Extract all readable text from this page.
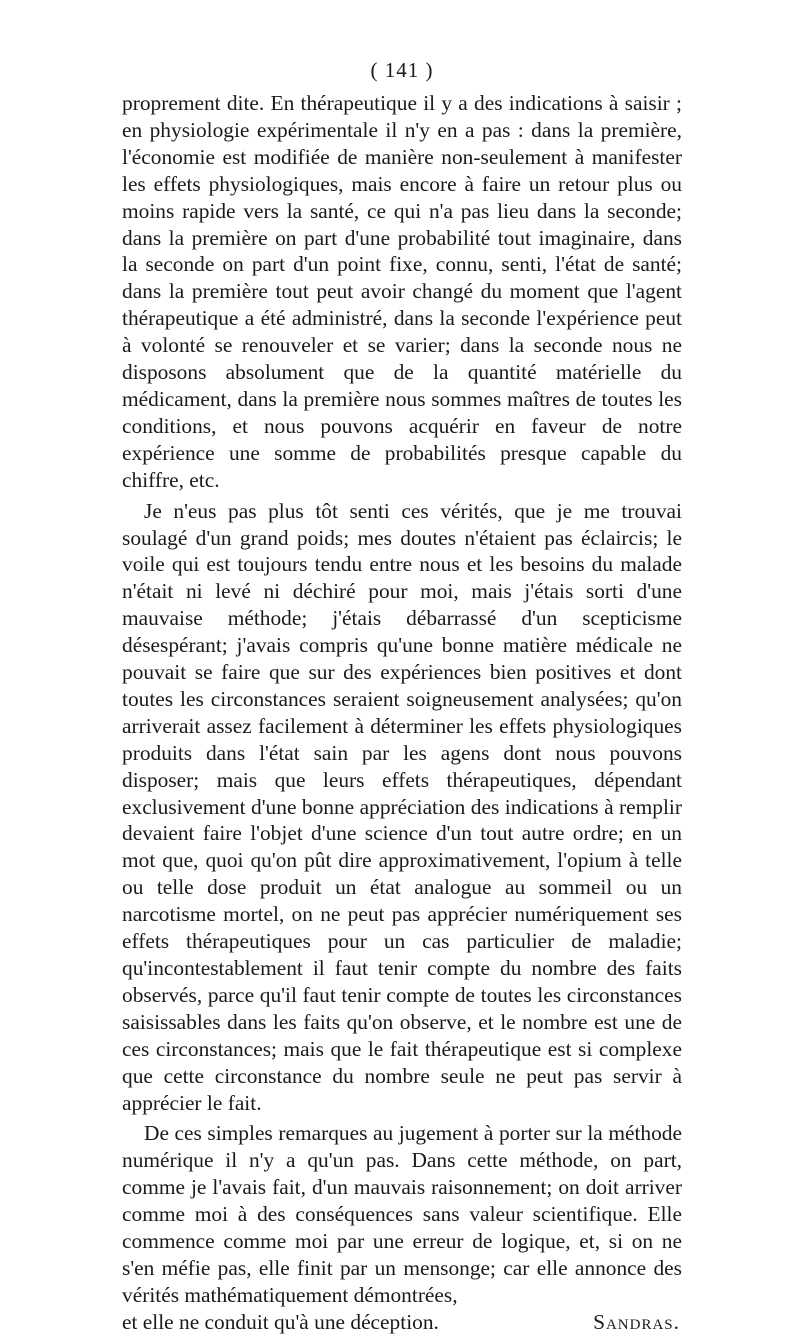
( 141 )

proprement dite. En thérapeutique il y a des indications à saisir ; en physiologie expérimentale il n'y en a pas : dans la première, l'économie est modifiée de manière non-seulement à manifester les effets physiologiques, mais encore à faire un retour plus ou moins rapide vers la santé, ce qui n'a pas lieu dans la seconde; dans la première on part d'une probabilité tout imaginaire, dans la seconde on part d'un point fixe, connu, senti, l'état de santé; dans la première tout peut avoir changé du moment que l'agent thérapeutique a été administré, dans la seconde l'expérience peut à volonté se renouveler et se varier; dans la seconde nous ne disposons absolument que de la quantité matérielle du médicament, dans la première nous sommes maîtres de toutes les conditions, et nous pouvons acquérir en faveur de notre expérience une somme de probabilités presque capable du chiffre, etc.

Je n'eus pas plus tôt senti ces vérités, que je me trouvai soulagé d'un grand poids; mes doutes n'étaient pas éclaircis; le voile qui est toujours tendu entre nous et les besoins du malade n'était ni levé ni déchiré pour moi, mais j'étais sorti d'une mauvaise méthode; j'étais débarrassé d'un scepticisme désespérant; j'avais compris qu'une bonne matière médicale ne pouvait se faire que sur des expériences bien positives et dont toutes les circonstances seraient soigneusement analysées; qu'on arriverait assez facilement à déterminer les effets physiologiques produits dans l'état sain par les agens dont nous pouvons disposer; mais que leurs effets thérapeutiques, dépendant exclusivement d'une bonne appréciation des indications à remplir devaient faire l'objet d'une science d'un tout autre ordre; en un mot que, quoi qu'on pût dire approximativement, l'opium à telle ou telle dose produit un état analogue au sommeil ou un narcotisme mortel, on ne peut pas apprécier numériquement ses effets thérapeutiques pour un cas particulier de maladie; qu'incontestablement il faut tenir compte du nombre des faits observés, parce qu'il faut tenir compte de toutes les circonstances saisissables dans les faits qu'on observe, et le nombre est une de ces circonstances; mais que le fait thérapeutique est si complexe que cette circonstance du nombre seule ne peut pas servir à apprécier le fait.

De ces simples remarques au jugement à porter sur la méthode numérique il n'y a qu'un pas. Dans cette méthode, on part, comme je l'avais fait, d'un mauvais raisonnement; on doit arriver comme moi à des conséquences sans valeur scientifique. Elle commence comme moi par une erreur de logique, et, si on ne s'en méfie pas, elle finit par un mensonge; car elle annonce des vérités mathématiquement démontrées,

et elle ne conduit qu'à une déception.	Sandras.
